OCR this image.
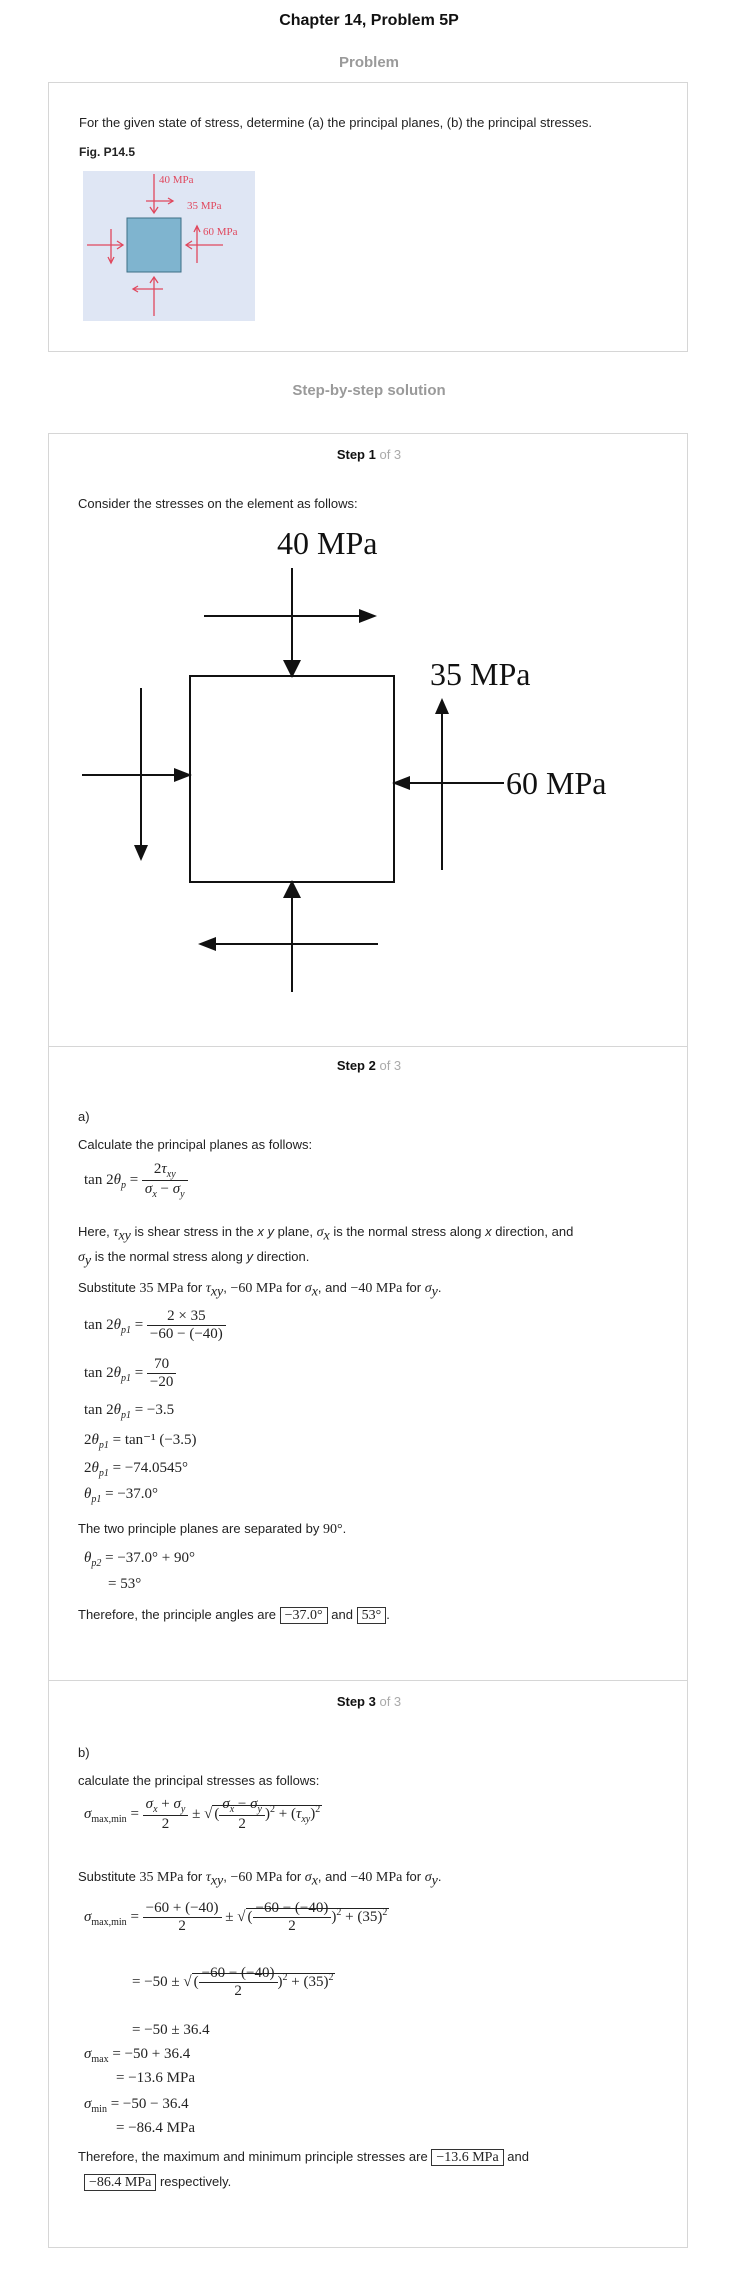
Chapter 14, Problem 5P
Problem
For the given state of stress, determine (a) the principal planes, (b) the principal stresses.
Fig. P14.5
40 MPa
35 MPa
60 MPa
Step-by-step solution
Step 1 of 3
Consider the stresses on the element as follows:
40 MPa
35 MPa
60 MPa
Step 2 of 3
a)
Calculate the principal planes as follows:
$\tan 2\theta_p = \frac{2\tau_{xy}}{\sigma_x - \sigma_y}$
Here, $\tau_{xy}$ is shear stress in the x y plane, $\sigma_x$ is the normal stress along x direction, and
$\sigma_y$ is the normal stress along y direction.
Substitute 35 MPa for $\tau_{xy}$, −60 MPa for $\sigma_x$, and −40 MPa for $\sigma_y$.
$\tan 2\theta_{p1} = \frac{2 \times 35}{-60 - (-40)}$
$\tan 2\theta_{p1} = \frac{70}{-20}$
$\tan 2\theta_{p1} = -3.5$
$2\theta_{p1} = \tan^{-1}$ (−3.5)
$2\theta_{p1} = -74.0545^\circ$
$\theta_{p1} = -37.0^\circ$
The two principle planes are separated by 90°.
$\theta_{p2} = -37.0^\circ + 90^\circ$
= 53°
Therefore, the principle angles are −37.0° and 53° .
Step 3 of 3
b)
calculate the principal stresses as follows:
$\sigma_{max,min} = \frac{\sigma_x + \sigma_y}{2}$ ± √ ( $\frac{\sigma_x - \sigma_y}{2} )^2 + (\tau_{xy})^2$
Substitute 35 MPa for $\tau_{xy}$, −60 MPa for $\sigma_x$, and −40 MPa for $\sigma_y$.
$\sigma_{max,min} = \frac{-60 + (-40)}{2}$ ± √ ( $\frac{-60 - (-40)}{2} )^2 + (35)^2$
= −50 ± √ ( $\frac{-60 - (-40)}{2} )^2 + (35)^2$
= −50 ± 36.4
$\sigma_{max} = -50 + 36.4$
= −13.6 MPa
$\sigma_{min} = -50 - 36.4$
= −86.4 MPa
Therefore, the maximum and minimum principle stresses are −13.6 MPa and
−86.4 MPa respectively.
